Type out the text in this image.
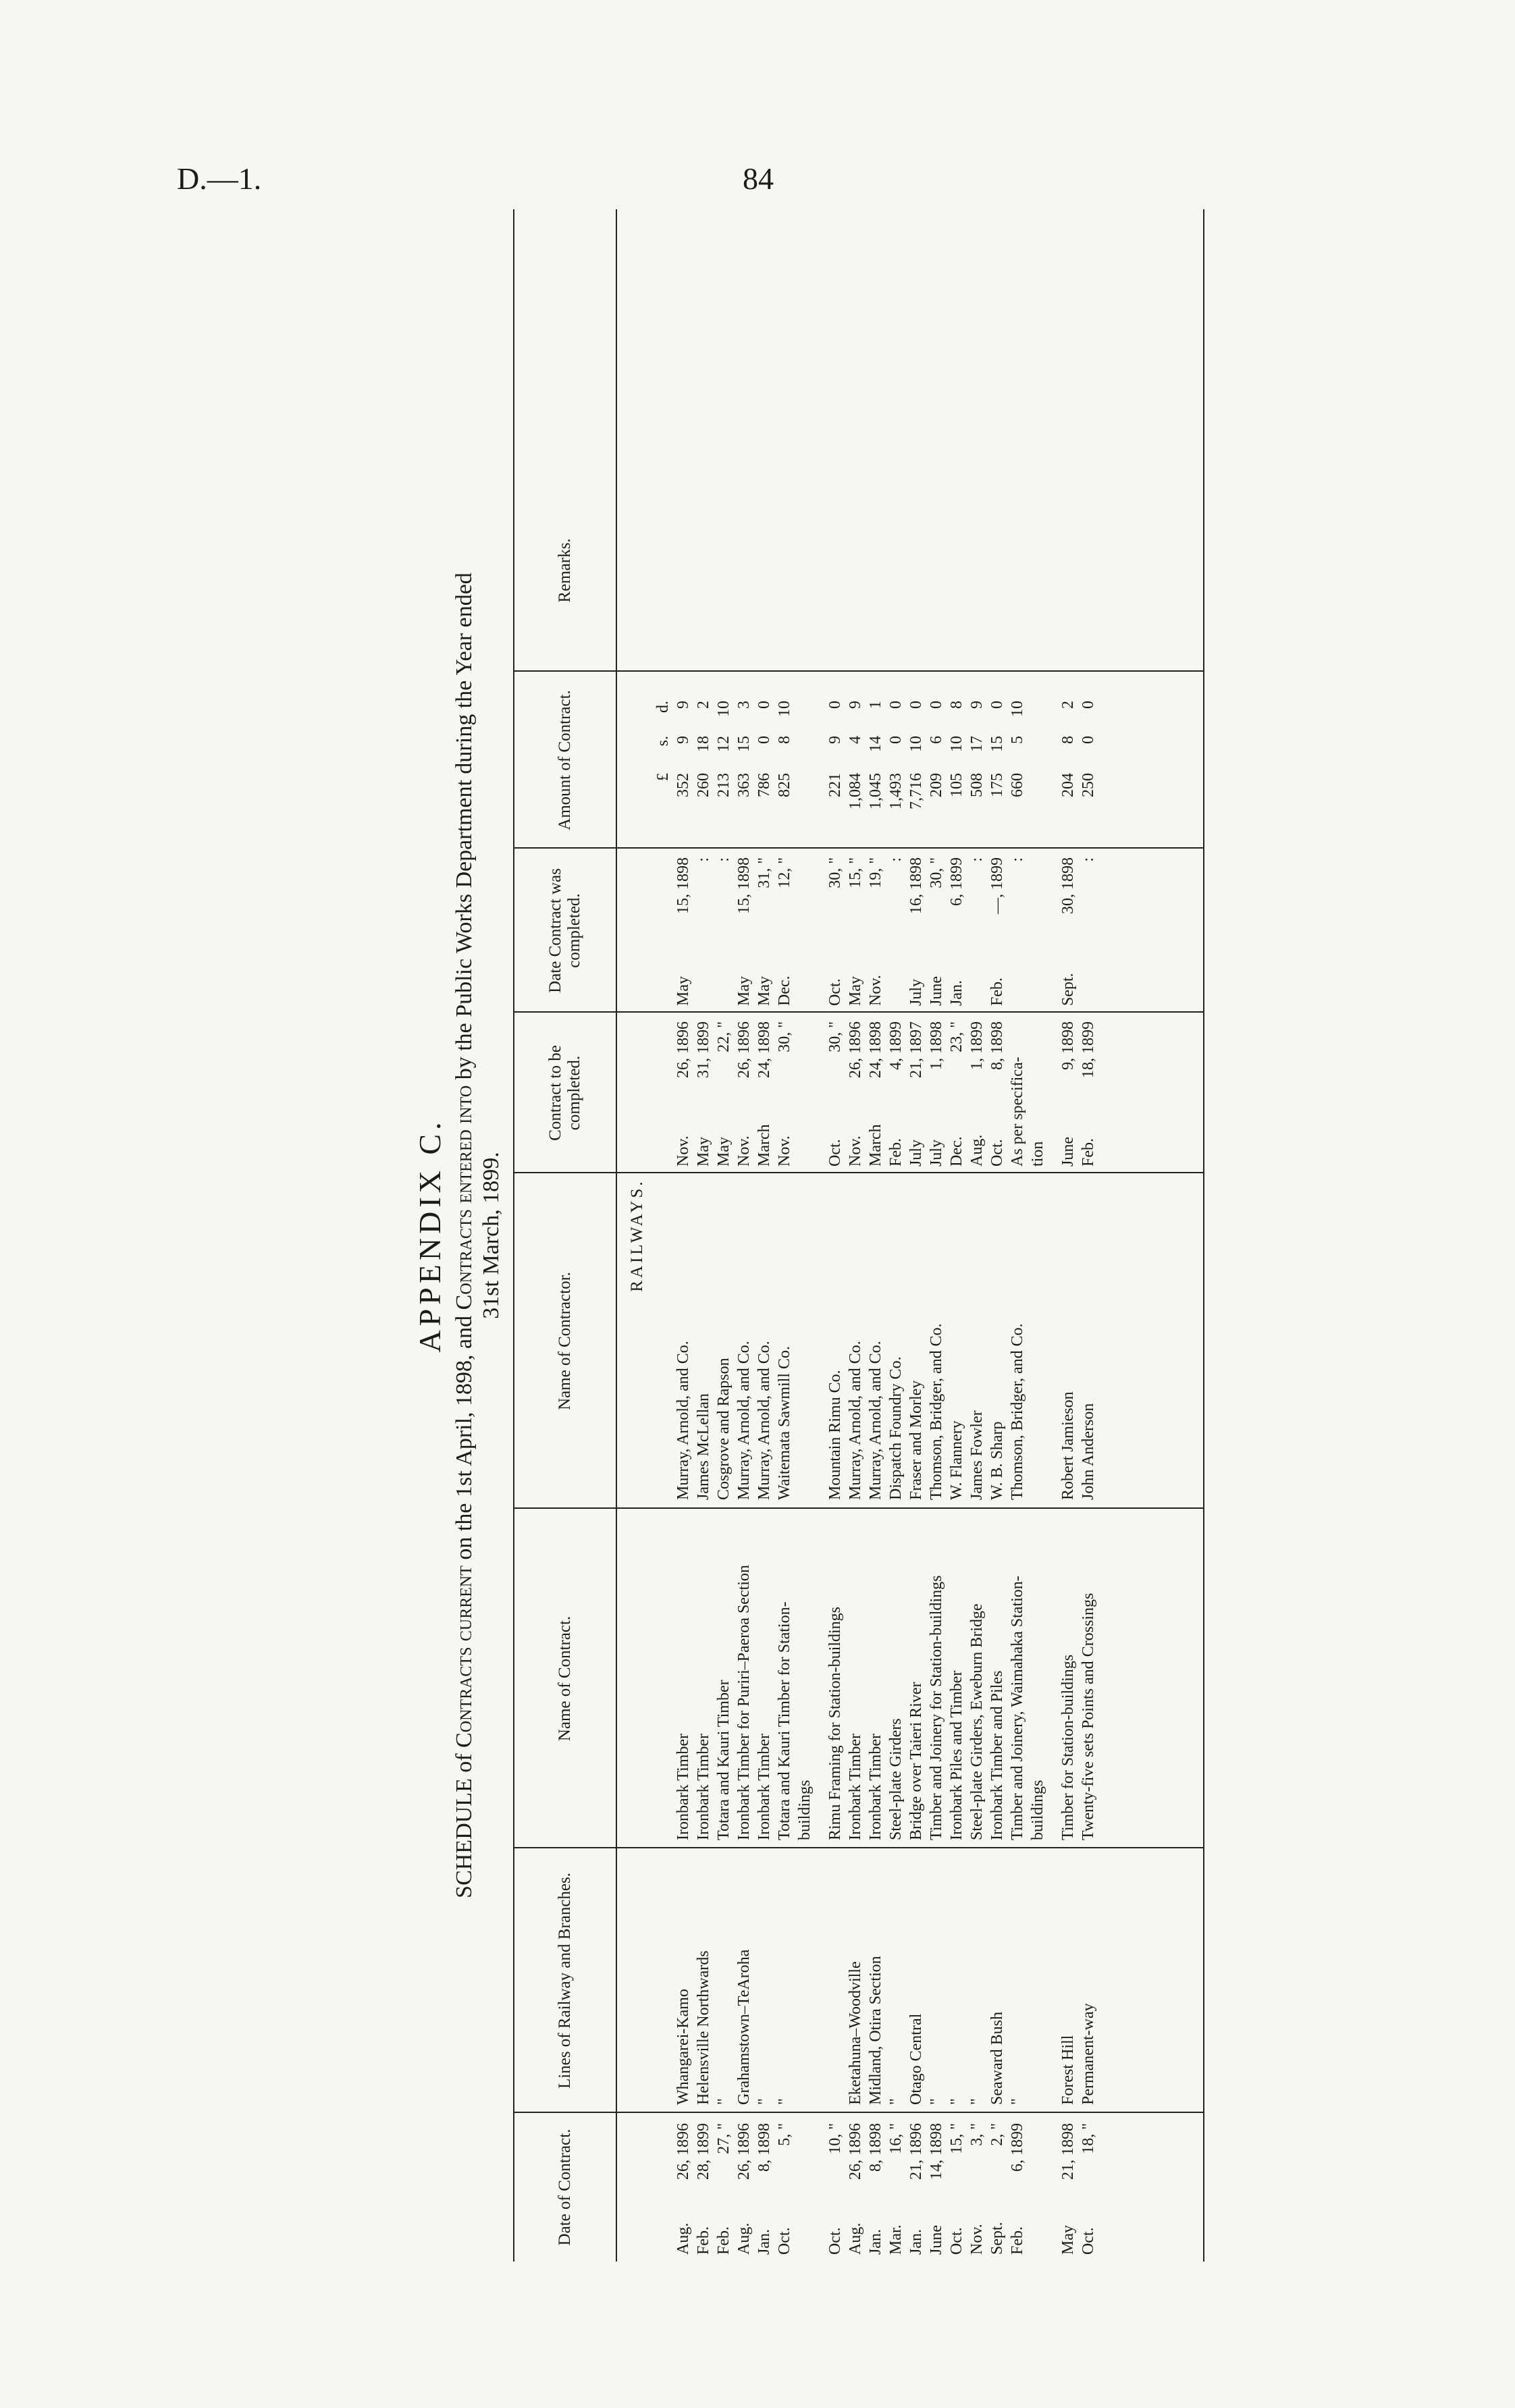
D.—1.	84
APPENDIX C.
SCHEDULE of Contracts current on the 1st April, 1898, and Contracts entered into by the Public Works Department during the Year ended
31st March, 1899.
Date of Contract.
Lines of Railway and Branches.
Name of Contract.
Name of Contractor.
Contract to be completed.
Date Contract was completed.
Amount of Contract.
Remarks.
RAILWAYS.
£
s.
d.
Aug.
26, 1896
Whangarei-Kamo
Ironbark Timber
Murray, Arnold, and Co.
Nov.
26, 1896
May
15, 1898
352
9
9
Feb.
28, 1899
Helensville Northwards
Ironbark Timber
James McLellan
May
31, 1899
:
260
18
2
Feb.
27, "
"
Totara and Kauri Timber
Cosgrove and Rapson
May
22, "
:
213
12
10
Aug.
26, 1896
Grahamstown–TeAroha
Ironbark Timber for Puriri–Paeroa Section
Murray, Arnold, and Co.
Nov.
26, 1896
May
15, 1898
363
15
3
Jan.
8, 1898
"
Ironbark Timber
Murray, Arnold, and Co.
March
24, 1898
May
31, "
786
0
0
Oct.
5, "
"
Totara and Kauri Timber for Station-
Waitemata Sawmill Co.
Nov.
30, "
Dec.
12, "
825
8
10
buildings
Oct.
10, "
Rimu Framing for Station-buildings
Mountain Rimu Co.
Oct.
30, "
Oct.
30, "
221
9
0
Aug.
26, 1896
Eketahuna–Woodville
Ironbark Timber
Murray, Arnold, and Co.
Nov.
26, 1896
May
15, "
1,084
4
9
Jan.
8, 1898
Midland, Otira Section
Ironbark Timber
Murray, Arnold, and Co.
March
24, 1898
Nov.
19, "
1,045
14
1
Mar.
16, "
"
Steel-plate Girders
Dispatch Foundry Co.
Feb.
4, 1899
:
1,493
0
0
Jan.
21, 1896
Otago Central
Bridge over Taieri River
Fraser and Morley
July
21, 1897
July
16, 1898
7,716
10
0
June
14, 1898
"
Timber and Joinery for Station-buildings
Thomson, Bridger, and Co.
July
1, 1898
June
30, "
209
6
0
Oct.
15, "
"
Ironbark Piles and Timber
W. Flannery
Dec.
23, "
Jan.
6, 1899
105
10
8
Nov.
3, "
"
Steel-plate Girders, Eweburn Bridge
James Fowler
Aug.
1, 1899
:
508
17
9
Sept.
2, "
Seaward Bush
Ironbark Timber and Piles
W. B. Sharp
Oct.
8, 1898
Feb.
—, 1899
175
15
0
Feb.
6, 1899
"
Timber and Joinery, Waimahaka Station-
Thomson, Bridger, and Co.
As per specifica-
:
660
5
10
buildings
tion
May
21, 1898
Forest Hill
Timber for Station-buildings
Robert Jamieson
June
9, 1898
Sept.
30, 1898
204
8
2
Oct.
18, "
Permanent-way
Twenty-five sets Points and Crossings
John Anderson
Feb.
18, 1899
:
250
0
0
